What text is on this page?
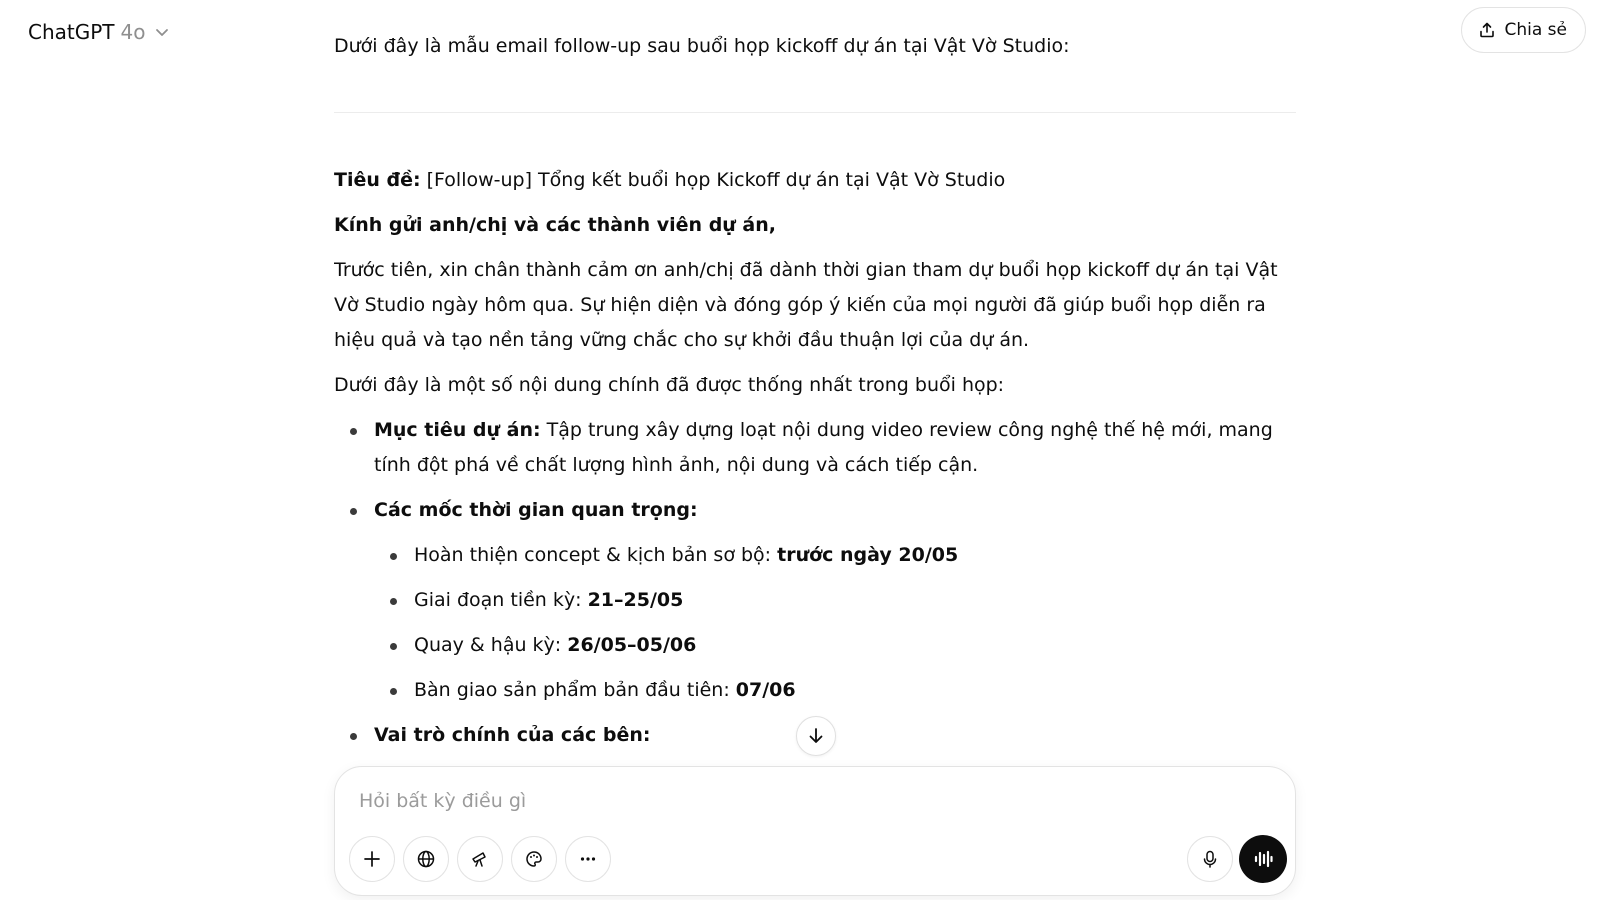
ChatGPT 4o	Chia sẻ
Dưới đây là mẫu email follow-up sau buổi họp kickoff dự án tại Vật Vờ Studio:

Tiêu đề: [Follow-up] Tổng kết buổi họp Kickoff dự án tại Vật Vờ Studio

Kính gửi anh/chị và các thành viên dự án,

Trước tiên, xin chân thành cảm ơn anh/chị đã dành thời gian tham dự buổi họp kickoff dự án tại Vật Vờ Studio ngày hôm qua. Sự hiện diện và đóng góp ý kiến của mọi người đã giúp buổi họp diễn ra hiệu quả và tạo nền tảng vững chắc cho sự khởi đầu thuận lợi của dự án.

Dưới đây là một số nội dung chính đã được thống nhất trong buổi họp:

Mục tiêu dự án: Tập trung xây dựng loạt nội dung video review công nghệ thế hệ mới, mang tính đột phá về chất lượng hình ảnh, nội dung và cách tiếp cận.
Các mốc thời gian quan trọng:
Hoàn thiện concept & kịch bản sơ bộ: trước ngày 20/05
Giai đoạn tiền kỳ: 21–25/05
Quay & hậu kỳ: 26/05–05/06
Bàn giao sản phẩm bản đầu tiên: 07/06
Vai trò chính của các bên:
Hỏi bất kỳ điều gì
